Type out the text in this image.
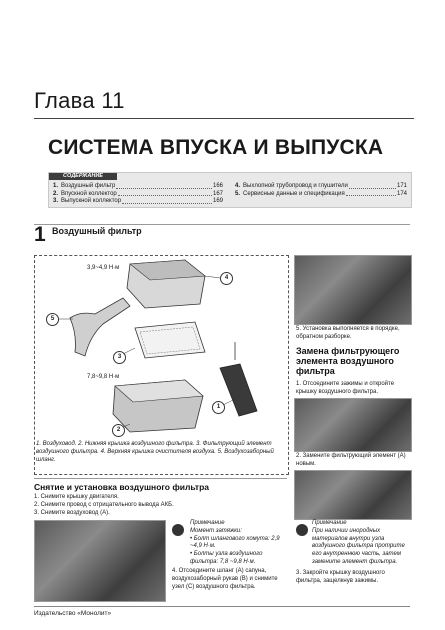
Глава 11
СИСТЕМА ВПУСКА И ВЫПУСКА
СОДЕРЖАНИЕ
1. Воздушный фильтр	166
2. Впускной коллектор	167
3. Выпускной коллектор	169
4. Выхлопной трубопровод и глушители	171
5. Сервисные данные и спецификация	174
1 Воздушный фильтр
3,9~4,9 Н·м
7,8~9,8 Н·м
4
5
3
2
1
1. Воздуховод. 2. Нижняя крышка воздушного фильтра. 3. Фильтрующий элемент воздушного фильтра. 4. Верхняя крышка очистителя воздуха. 5. Воздухозаборный шланг.
5. Установка выполняется в порядке, обратном разборке.
Замена фильтрующего элемента воздушного фильтра
1. Отсоедините зажимы и откройте крышку воздушного фильтра.
2. Замените фильтрующий элемент (А) новым.
Снятие и установка воздушного фильтра
1. Снимите крышку двигателя.
2. Снимите провод с отрицательного вывода АКБ.
3. Снимите воздуховод (A).
Примечание
Момент затяжки:
• Болт шлангового хомута: 2,9 ~4,9 Н·м.
• Болты узла воздушного фильтра: 7,8 ~9,8 Н·м.
4. Отсоедините шланг (A) сапуна, воздухозаборный рукав (B) и снимите узел (C) воздушного фильтра.
Примечание
При наличии инородных материалов внутри узла воздушного фильтра протрите его внутреннюю часть, затем замените элемент фильтра.
3. Закройте крышку воздушного фильтра, защелкнув зажимы.
Издательство «Монолит»
